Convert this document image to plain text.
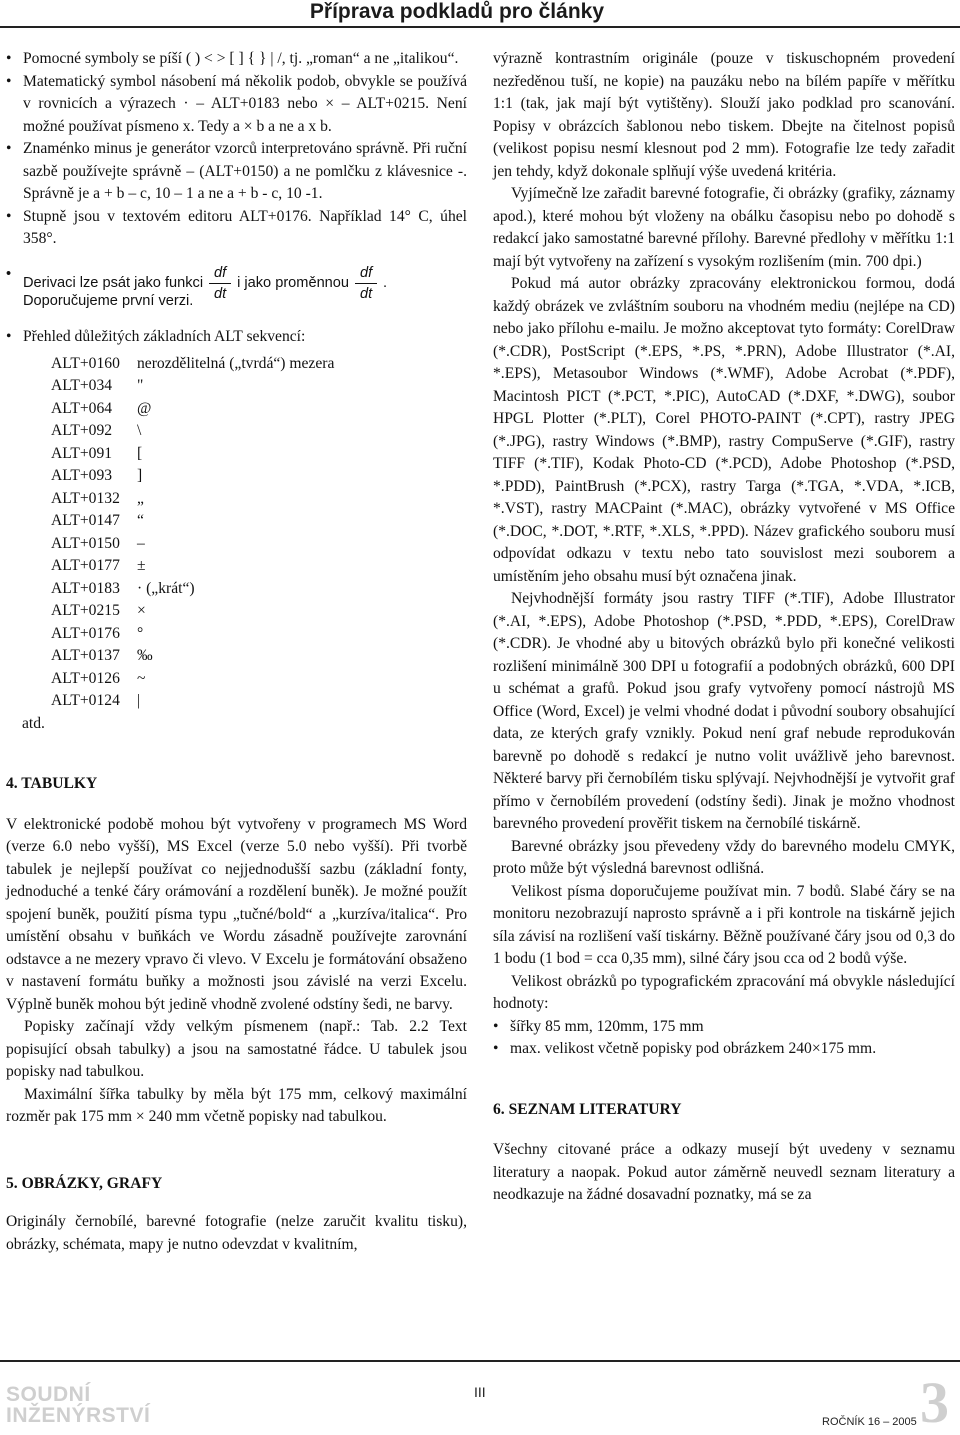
Příprava podkladů pro články
• Pomocné symboly se píší ( ) < > [ ] { } | /, tj. „roman“ a ne „italikou“.
• Matematický symbol násobení má několik podob, obvykle se používá v rovnicích a výrazech · – ALT+0183 nebo × – ALT+0215. Není možné používat písmeno x. Tedy a × b a ne a x b.
• Znaménko minus je generátor vzorců interpretováno správně. Při ruční sazbě používejte správně – (ALT+0150) a ne pomlčku z klávesnice -. Správně je a + b – c, 10 – 1 a ne a + b - c, 10 -1.
• Stupně jsou v textovém editoru ALT+0176. Například 14° C, úhel 358°.
• Derivaci lze psát jako funkci $\frac{df}{dt}$ i jako proměnnou $\frac{df}{dt}$ .
Doporučujeme první verzi.
• Přehled důležitých základních ALT sekvencí:
ALT+0160	nerozdělitelná („tvrdá“) mezera
ALT+034	"
ALT+064	@
ALT+092	\
ALT+091	[
ALT+093	]
ALT+0132	„
ALT+0147	“
ALT+0150	–
ALT+0177	±
ALT+0183	· („krát“)
ALT+0215	×
ALT+0176	°
ALT+0137	‰
ALT+0126	~
ALT+0124	|
atd.
4. TABULKY
V elektronické podobě mohou být vytvořeny v programech MS Word (verze 6.0 nebo vyšší), MS Excel (verze 5.0 nebo vyšší). Při tvorbě tabulek je nejlepší používat co nejjednodušší sazbu (základní fonty, jednoduché a tenké čáry orámování a rozdělení buněk). Je možné použít spojení buněk, použití písma typu „tučné/bold“ a „kurzíva/italica“. Pro umístění obsahu v buňkách ve Wordu zásadně používejte zarovnání odstavce a ne mezery vpravo či vlevo. V Excelu je formátování obsaženo v nastavení formátu buňky a možnosti jsou závislé na verzi Excelu. Výplně buněk mohou být jedině vhodně zvolené odstíny šedi, ne barvy.
Popisky začínají vždy velkým písmenem (např.: Tab. 2.2 Text popisující obsah tabulky) a jsou na samostatné řádce. U tabulek jsou popisky nad tabulkou.
Maximální šířka tabulky by měla být 175 mm, celkový maximální rozměr pak 175 mm × 240 mm včetně popisky nad tabulkou.
5. OBRÁZKY, GRAFY
Originály černobílé, barevné fotografie (nelze zaručit kvalitu tisku), obrázky, schémata, mapy je nutno odevzdat v kvalitním,
výrazně kontrastním originále (pouze v tiskuschopném provedení nezředěnou tuší, ne kopie) na pauzáku nebo na bílém papíře v měřítku 1:1 (tak, jak mají být vytištěny). Slouží jako podklad pro scanování. Popisy v obrázcích šablonou nebo tiskem. Dbejte na čitelnost popisů (velikost popisu nesmí klesnout pod 2 mm). Fotografie lze tedy zařadit jen tehdy, když dokonale splňují výše uvedená kritéria.
Vyjímečně lze zařadit barevné fotografie, či obrázky (grafiky, záznamy apod.), které mohou být vloženy na obálku časopisu nebo po dohodě s redakcí jako samostatné barevné přílohy. Barevné předlohy v měřítku 1:1 mají být vytvořeny na zařízení s vysokým rozlišením (min. 700 dpi.)
Pokud má autor obrázky zpracovány elektronickou formou, dodá každý obrázek ve zvláštním souboru na vhodném mediu (nejlépe na CD) nebo jako přílohu e-mailu. Je možno akceptovat tyto formáty: CorelDraw (*.CDR), PostScript (*.EPS, *.PS, *.PRN), Adobe Illustrator (*.AI, *.EPS), Metasoubor Windows (*.WMF), Adobe Acrobat (*.PDF), Macintosh PICT (*.PCT, *.PIC), AutoCAD (*.DXF, *.DWG), soubor HPGL Plotter (*.PLT), Corel PHOTO-PAINT (*.CPT), rastry JPEG (*.JPG), rastry Windows (*.BMP), rastry CompuServe (*.GIF), rastry TIFF (*.TIF), Kodak Photo-CD (*.PCD), Adobe Photoshop (*.PSD, *.PDD), PaintBrush (*.PCX), rastry Targa (*.TGA, *.VDA, *.ICB, *.VST), rastry MACPaint (*.MAC), obrázky vytvořené v MS Office (*.DOC, *.DOT, *.RTF, *.XLS, *.PPD). Název grafického souboru musí odpovídat odkazu v textu nebo tato souvislost mezi souborem a umístěním jeho obsahu musí být označena jinak.
Nejvhodnější formáty jsou rastry TIFF (*.TIF), Adobe Illustrator (*.AI, *.EPS), Adobe Photoshop (*.PSD, *.PDD, *.EPS), CorelDraw (*.CDR). Je vhodné aby u bitových obrázků bylo při konečné velikosti rozlišení minimálně 300 DPI u fotografií a podobných obrázků, 600 DPI u schémat a grafů. Pokud jsou grafy vytvořeny pomocí nástrojů MS Office (Word, Excel) je velmi vhodné dodat i původní soubory obsahující data, ze kterých grafy vznikly. Pokud není graf nebude reprodukován barevně po dohodě s redakcí je nutno volit uvážlivě jeho barevnost. Některé barvy při černobílém tisku splývají. Nejvhodnější je vytvořit graf přímo v černobílém provedení (odstíny šedi). Jinak je možno vhodnost barevného provedení prověřit tiskem na černobílé tiskárně.
Barevné obrázky jsou převedeny vždy do barevného modelu CMYK, proto může být výsledná barevnost odlišná.
Velikost písma doporučujeme používat min. 7 bodů. Slabé čáry se na monitoru nezobrazují naprosto správně a i při kontrole na tiskárně jejich síla závisí na rozlišení vaší tiskárny. Běžně používané čáry jsou od 0,3 do 1 bodu (1 bod = cca 0,35 mm), silné čáry jsou cca od 2 bodů výše.
Velikost obrázků po typografickém zpracování má obvykle následující hodnoty:
• šířky 85 mm, 120mm, 175 mm
• max. velikost včetně popisky pod obrázkem 240×175 mm.
6. SEZNAM LITERATURY
Všechny citované práce a odkazy musejí být uvedeny v seznamu literatury a naopak. Pokud autor záměrně neuvedl seznam literatury a neodkazuje na žádné dosavadní poznatky, má se za
SOUDNÍ
INŽENÝRSTVÍ
III
ROČNÍK 16 – 2005 3
